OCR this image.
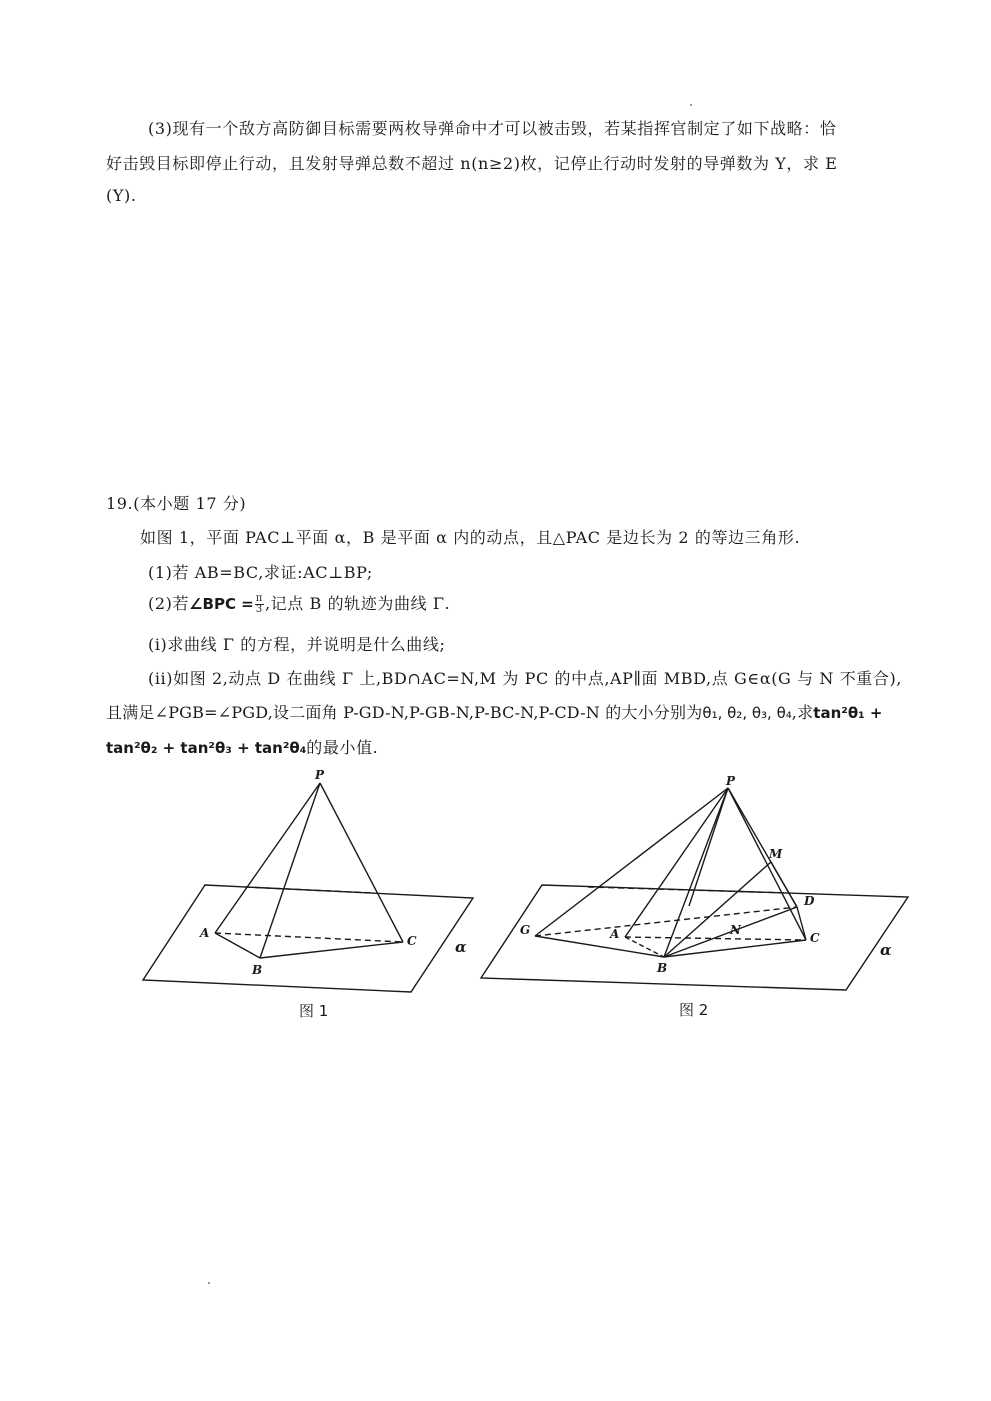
(3)现有一个敌方高防御目标需要两枚导弹命中才可以被击毁，若某指挥官制定了如下战略：恰
好击毁目标即停止行动，且发射导弹总数不超过 n(n≥2)枚，记停止行动时发射的导弹数为 Y，求 E
(Y).
19.(本小题 17 分)
如图 1，平面 PAC⊥平面 α，B 是平面 α 内的动点，且△PAC 是边长为 2 的等边三角形.
(1)若 AB=BC,求证:AC⊥BP;
(2)若∠BPC = $\frac{\pi}{3}$ ,记点 B 的轨迹为曲线 Γ.
(i)求曲线 Γ 的方程，并说明是什么曲线;
(ii)如图 2,动点 D 在曲线 Γ 上,BD∩AC=N,M 为 PC 的中点,AP∥面 MBD,点 G∈α(G 与 N 不重合),
且满足∠PGB=∠PGD,设二面角 P-GD-N,P-GB-N,P-BC-N,P-CD-N 的大小分别为θ₁, θ₂, θ₃, θ₄,求tan²θ₁ +
tan²θ₂ + tan²θ₃ + tan²θ₄的最小值.
P
A
B
C	α
P
M
D
G	A	N
B
C
α
图 1	图 2
